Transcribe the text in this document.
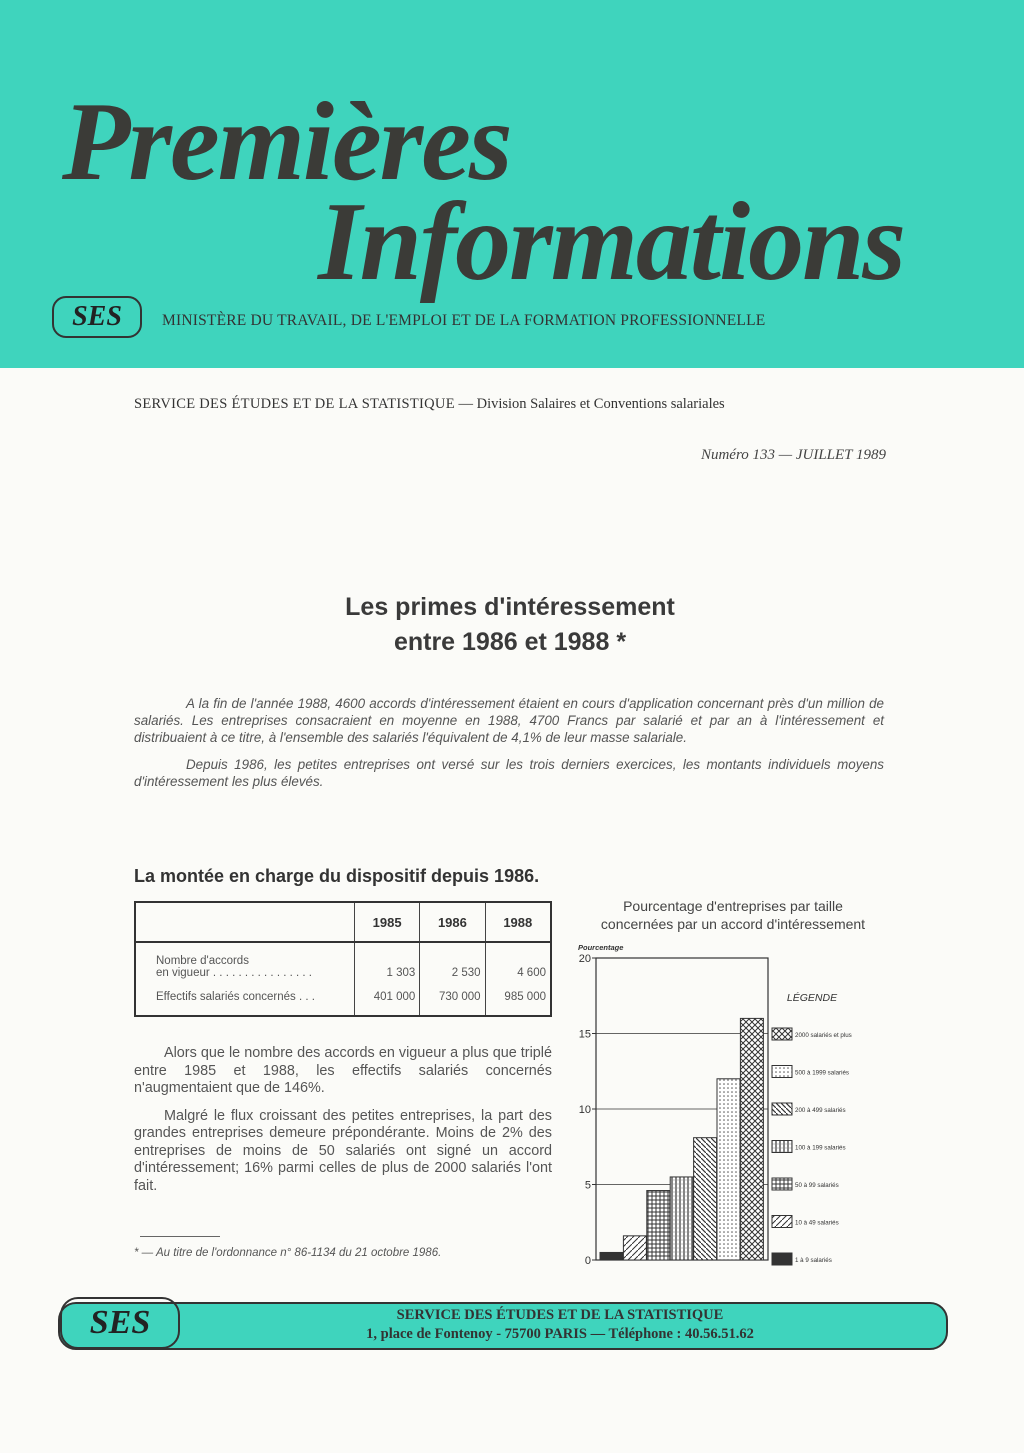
Premières
Informations
SES	MINISTÈRE DU TRAVAIL, DE L'EMPLOI ET DE LA FORMATION PROFESSIONNELLE
SERVICE DES ÉTUDES ET DE LA STATISTIQUE — Division Salaires et Conventions salariales
Numéro 133 — JUILLET 1989
Les primes d'intéressement
entre 1986 et 1988 *

A la fin de l'année 1988, 4600 accords d'intéressement étaient en cours d'application concernant près d'un million de salariés. Les entreprises consacraient en moyenne en 1988, 4700 Francs par salarié et par an à l'intéressement et distribuaient à ce titre, à l'ensemble des salariés l'équivalent de 4,1% de leur masse salariale.

Depuis 1986, les petites entreprises ont versé sur les trois derniers exercices, les montants individuels moyens d'intéressement les plus élevés.

La montée en charge du dispositif depuis 1986.
	1985	1986	1988

Nombre d'accords
en vigueur . . . . . . . . . . . . . . . .	1 303	2 530	4 600
Effectifs salariés concernés . . .	401 000	730 000	985 000

Alors que le nombre des accords en vigueur a plus que triplé entre 1985 et 1988, les effectifs salariés concernés n'augmentaient que de 146%.

Malgré le flux croissant des petites entreprises, la part des grandes entreprises demeure prépondérante. Moins de 2% des entreprises de moins de 50 salariés ont signé un accord d'intéressement; 16% parmi celles de plus de 2000 salariés l'ont fait.

* — Au titre de l'ordonnance n° 86-1134 du 21 octobre 1986.
Pourcentage d'entreprises par taille
concernées par un accord d'intéressement
Pourcentage
0
5
10
15
20
LÉGENDE
2000 salariés et plus
500 à 1999 salariés
200 à 499 salariés
100 à 199 salariés
50 à 99 salariés
10 à 49 salariés
1 à 9 salariés
SES	SERVICE DES ÉTUDES ET DE LA STATISTIQUE
1, place de Fontenoy - 75700 PARIS — Téléphone : 40.56.51.62
